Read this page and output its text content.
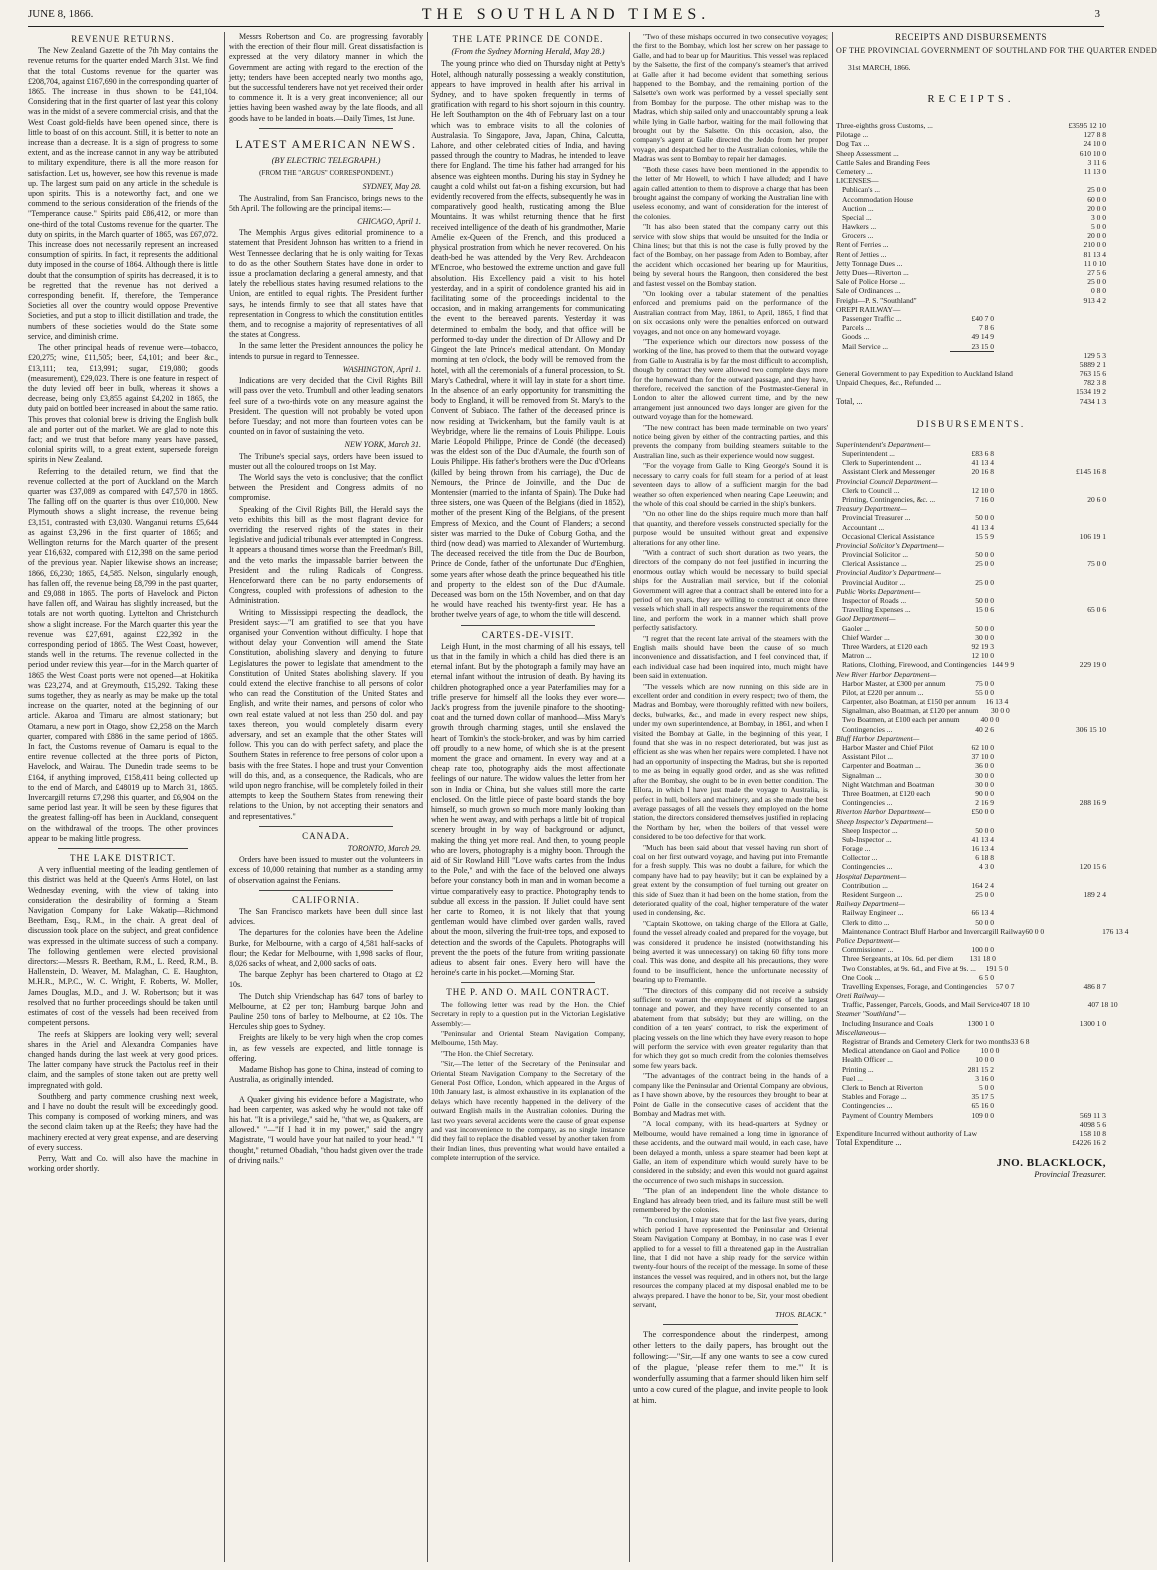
JUNE 8, 1866.	THE SOUTHLAND TIMES.	3
REVENUE RETURNS.

The New Zealand Gazette of the 7th May contains the revenue returns for the quarter ended March 31st. We find that the total Customs revenue for the quarter was £208,704, against £167,690 in the corresponding quarter of 1865. The increase in thus shown to be £41,104. Considering that in the first quarter of last year this colony was in the midst of a severe commercial crisis, and that the West Coast gold-fields have been opened since, there is little to boast of on this account. Still, it is better to note an increase than a decrease. It is a sign of progress to some extent, and as the increase cannot in any way be attributed to military expenditure, there is all the more reason for satisfaction. Let us, however, see how this revenue is made up. The largest sum paid on any article in the schedule is upon spirits. This is a noteworthy fact, and one we commend to the serious consideration of the friends of the "Temperance cause." Spirits paid £86,412, or more than one-third of the total Customs revenue for the quarter. The duty on spirits, in the March quarter of 1865, was £67,072. This increase does not necessarily represent an increased consumption of spirits. In fact, it represents the additional duty imposed in the course of 1864. Although there is little doubt that the consumption of spirits has decreased, it is to be regretted that the revenue has not derived a corresponding benefit. If, therefore, the Temperance Societies all over the country would oppose Preventive Societies, and put a stop to illicit distillation and trade, the numbers of these societies would do the State some service, and diminish crime.

The other principal heads of revenue were—tobacco, £20,275; wine, £11,505; beer, £4,101; and beer &c., £13,111; tea, £13,991; sugar, £19,080; goods (measurement), £29,023. There is one feature in respect of the duty levied off beer in bulk, whereas it shows a decrease, being only £3,855 against £4,202 in 1865, the duty paid on bottled beer increased in about the same ratio. This proves that colonial brew is driving the English bulk ale and porter out of the market. We are glad to note this fact; and we trust that before many years have passed, colonial spirits will, to a great extent, supersede foreign spirits in New Zealand.

Referring to the detailed return, we find that the revenue collected at the port of Auckland on the March quarter was £37,089 as compared with £47,570 in 1865. The falling off on the quarter is thus over £10,000. New Plymouth shows a slight increase, the revenue being £3,151, contrasted with £3,030. Wanganui returns £5,644 as against £3,296 in the first quarter of 1865; and Wellington returns for the March quarter of the present year £16,632, compared with £12,398 on the same period of the previous year. Napier likewise shows an increase; 1866, £6,230; 1865, £4,585. Nelson, singularly enough, has fallen off, the revenue being £8,799 in the past quarter, and £9,088 in 1865. The ports of Havelock and Picton have fallen off, and Wairau has slightly increased, but the totals are not worth quoting. Lyttelton and Christchurch show a slight increase. For the March quarter this year the revenue was £27,691, against £22,392 in the corresponding period of 1865. The West Coast, however, stands well in the returns. The revenue collected in the period under review this year—for in the March quarter of 1865 the West Coast ports were not opened—at Hokitika was £23,274, and at Greymouth, £15,292. Taking these sums together, they as nearly as may be make up the total increase on the quarter, noted at the beginning of our article. Akaroa and Timaru are almost stationary; but Otamaru, a new port in Otago, show £2,258 on the March quarter, compared with £886 in the same period of 1865. In fact, the Customs revenue of Oamaru is equal to the entire revenue collected at the three ports of Picton, Havelock, and Wairau. The Dunedin trade seems to be £164, if anything improved, £158,411 being collected up to the end of March, and £48019 up to March 31, 1865. Invercargill returns £7,298 this quarter, and £6,904 on the same period last year. It will be seen by these figures that the greatest falling-off has been in Auckland, consequent on the withdrawal of the troops. The other provinces appear to be making little progress.

THE LAKE DISTRICT.

A very influential meeting of the leading gentlemen of this district was held at the Queen's Arms Hotel, on last Wednesday evening, with the view of taking into consideration the desirability of forming a Steam Navigation Company for Lake Wakatip—Richmond Beetham, Esq., R.M., in the chair. A great deal of discussion took place on the subject, and great confidence was expressed in the ultimate success of such a company. The following gentlemen were elected provisional directors:—Messrs R. Beetham, R.M., L. Reed, R.M., B. Hallenstein, D. Weaver, M. Malaghan, C. E. Haughton, M.H.R., M.P.C., W. C. Wright, F. Roberts, W. Moller, James Douglas, M.D., and J. W. Robertson; but it was resolved that no further proceedings should be taken until estimates of cost of the vessels had been received from competent persons.

The reefs at Skippers are looking very well; several shares in the Ariel and Alexandra Companies have changed hands during the last week at very good prices. The latter company have struck the Pactolus reef in their claim, and the samples of stone taken out are pretty well impregnated with gold.

Southberg and party commence crushing next week, and I have no doubt the result will be exceedingly good. This company is composed of working miners, and was the second claim taken up at the Reefs; they have had the machinery erected at very great expense, and are deserving of every success.

Perry, Watt and Co. will also have the machine in working order shortly.

Messrs Robertson and Co. are progressing favorably with the erection of their flour mill. Great dissatisfaction is expressed at the very dilatory manner in which the Government are acting with regard to the erection of the jetty; tenders have been accepted nearly two months ago, but the successful tenderers have not yet received their order to commence it. It is a very great inconvenience; all our jetties having been washed away by the late floods, and all goods have to be landed in boats.—Daily Times, 1st June.

LATEST AMERICAN NEWS.
(BY ELECTRIC TELEGRAPH.)
(FROM THE "ARGUS" CORRESPONDENT.)
SYDNEY, May 28.

The Australind, from San Francisco, brings news to the 5th April. The following are the principal items:—

CHICAGO, April 1.

The Memphis Argus gives editorial prominence to a statement that President Johnson has written to a friend in West Tennessee declaring that he is only waiting for Texas to do as the other Southern States have done in order to issue a proclamation declaring a general amnesty, and that lately the rebellious states having resumed relations to the Union, are entitled to equal rights. The President further says, he intends firmly to see that all states have that representation in Congress to which the constitution entitles them, and to recognise a majority of representatives of all the states at Congress.

In the same letter the President announces the policy he intends to pursue in regard to Tennessee.

WASHINGTON, April 1.

Indications are very decided that the Civil Rights Bill will pass over the veto. Trumbull and other leading senators feel sure of a two-thirds vote on any measure against the President. The question will not probably be voted upon before Tuesday; and not more than fourteen votes can be counted on in favor of sustaining the veto.

NEW YORK, March 31.

The Tribune's special says, orders have been issued to muster out all the coloured troops on 1st May.

The World says the veto is conclusive; that the conflict between the President and Congress admits of no compromise.

Speaking of the Civil Rights Bill, the Herald says the veto exhibits this bill as the most flagrant device for overriding the reserved rights of the states in their legislative and judicial tribunals ever attempted in Congress. It appears a thousand times worse than the Freedman's Bill, and the veto marks the impassable barrier between the President and the ruling Radicals of Congress. Henceforward there can be no party endorsements of Congress, coupled with professions of adhesion to the Administration.

Writing to Mississippi respecting the deadlock, the President says:—"I am gratified to see that you have organised your Convention without difficulty. I hope that without delay your Convention will amend the State Constitution, abolishing slavery and denying to future Legislatures the power to legislate that amendment to the Constitution of United States abolishing slavery. If you could extend the elective franchise to all persons of color who can read the Constitution of the United States and English, and write their names, and persons of color who own real estate valued at not less than 250 dol. and pay taxes thereon, you would completely disarm every adversary, and set an example that the other States will follow. This you can do with perfect safety, and place the Southern States in reference to free persons of color upon a basis with the free States. I hope and trust your Convention will do this, and, as a consequence, the Radicals, who are wild upon negro franchise, will be completely foiled in their attempts to keep the Southern States from renewing their relations to the Union, by not accepting their senators and and representatives."

CANADA.
TORONTO, March 29.

Orders have been issued to muster out the volunteers in excess of 10,000 retaining that number as a standing army of observation against the Fenians.

CALIFORNIA.

The San Francisco markets have been dull since last advices.

The departures for the colonies have been the Adeline Burke, for Melbourne, with a cargo of 4,581 half-sacks of flour; the Kedar for Melbourne, with 1,998 sacks of flour, 8,026 sacks of wheat, and 2,000 sacks of oats.

The barque Zephyr has been chartered to Otago at £2 10s.

The Dutch ship Vriendschap has 647 tons of barley to Melbourne, at £2 per ton; Hamburg barque John and Pauline 250 tons of barley to Melbourne, at £2 10s. The Hercules ship goes to Sydney.

Freights are likely to be very high when the crop comes in, as few vessels are expected, and little tonnage is offering.

Madame Bishop has gone to China, instead of coming to Australia, as originally intended.

A Quaker giving his evidence before a Magistrate, who had been carpenter, was asked why he would not take off his hat. "It is a privilege," said he, "that we, as Quakers, are allowed." "—"If I had it in my power," said the angry Magistrate, "I would have your hat nailed to your head." "I thought," returned Obadiah, "thou hadst given over the trade of driving nails."

THE LATE PRINCE DE CONDE.
(From the Sydney Morning Herald, May 28.)

The young prince who died on Thursday night at Petty's Hotel, although naturally possessing a weakly constitution, appears to have improved in health after his arrival in Sydney, and to have spoken frequently in terms of gratification with regard to his short sojourn in this country. He left Southampton on the 4th of February last on a tour which was to embrace visits to all the colonies of Australasia. To Singapore, Java, Japan, China, Calcutta, Lahore, and other celebrated cities of India, and having passed through the country to Madras, he intended to leave there for England. The time his father had arranged for his absence was eighteen months. During his stay in Sydney he caught a cold whilst out fat-on a fishing excursion, but had evidently recovered from the effects, subsequently he was in comparatively good health, rusticating among the Blue Mountains. It was whilst returning thence that he first received intelligence of the death of his grandmother, Marie Amélie ex-Queen of the French, and this produced a physical prostration from which he never recovered. On his death-bed he was attended by the Very Rev. Archdeacon M'Encroe, who bestowed the extreme unction and gave full absolution. His Excellency paid a visit to his hotel yesterday, and in a spirit of condolence granted his aid in facilitating some of the proceedings incidental to the occasion, and in making arrangements for communicating the event to the bereaved parents. Yesterday it was determined to embalm the body, and that office will be performed to-day under the direction of Dr Allowy and Dr Gingeot the late Prince's medical attendant. On Monday morning at ten o'clock, the body will be removed from the hotel, with all the ceremonials of a funeral procession, to St. Mary's Cathedral, where it will lay in state for a short time. In the absence of an early opportunity for transmitting the body to England, it will be removed from St. Mary's to the Convent of Subiaco. The father of the deceased prince is now residing at Twickenham, but the family vault is at Weybridge, where lie the remains of Louis Philippe. Louis Marie Léopold Philippe, Prince de Condé (the deceased) was the eldest son of the Duc d'Aumale, the fourth son of Louis Philippe. His father's brothers were the Duc d'Orleans (killed by being thrown from his carriage), the Duc de Nemours, the Prince de Joinville, and the Duc de Montensier (married to the infanta of Spain). The Duke had three sisters, one was Queen of the Belgians (died in 1852), mother of the present King of the Belgians, of the present Empress of Mexico, and the Count of Flanders; a second sister was married to the Duke of Coburg Gotha, and the third (now dead) was married to Alexander of Wurtemburg. The deceased received the title from the Duc de Bourbon, Prince de Conde, father of the unfortunate Duc d'Enghien, some years after whose death the prince bequeathed his title and property to the eldest son of the Duc d'Aumale. Deceased was born on the 15th November, and on that day he would have reached his twenty-first year. He has a brother twelve years of age, to whom the title will descend.

CARTES-DE-VISIT.

Leigh Hunt, in the most charming of all his essays, tell us that in the family in which a child has died there is an eternal infant. But by the photograph a family may have an eternal infant without the intrusion of death. By having its children photographed once a year Paterfamilies may for a trifle preserve for himself all the looks they ever wore—Jack's progress from the juvenile pinafore to the shooting-coat and the turned down collar of manhood—Miss Mary's growth through charming stages, until she enslaved the heart of Tomkin's the stock-broker, and was by him carried off proudly to a new home, of which she is at the present moment the grace and ornament. In every way and at a cheap rate too, photography aids the most affectionate feelings of our nature. The widow values the letter from her son in India or China, but she values still more the carte enclosed. On the little piece of paste board stands the boy himself, so much grown so much more manly looking than when he went away, and with perhaps a little bit of tropical scenery brought in by way of background or adjunct, making the thing yet more real. And then, to young people who are lovers, photography is a mighty boon. Through the aid of Sir Rowland Hill "Love wafts cartes from the Indus to the Pole," and with the face of the beloved one always before your constancy both in man and in woman become a virtue comparatively easy to practice. Photography tends to subdue all excess in the passion. If Juliet could have sent her carte to Romeo, it is not likely that that young gentleman would have climbed over garden walls, raved about the moon, silvering the fruit-tree tops, and exposed to detection and the swords of the Capulets. Photographs will prevent the the poets of the future from writing passionate adieus to absent fair ones. Every hero will have the heroine's carte in his pocket.—Morning Star.

THE P. AND O. MAIL CONTRACT.

The following letter was read by the Hon. the Chief Secretary in reply to a question put in the Victorian Legislative Assembly:—

"Peninsular and Oriental Steam Navigation Company, Melbourne, 15th May.

"The Hon. the Chief Secretary.

"Sir,—The letter of the Secretary of the Peninsular and Oriental Steam Navigation Company to the Secretary of the General Post Office, London, which appeared in the Argus of 10th January last, is almost exhaustive in its explanation of the delays which have recently happened in the delivery of the outward English mails in the Australian colonies. During the last two years several accidents were the cause of great expense and vast inconvenience to the company, as no single instance did they fail to replace the disabled vessel by another taken from their Indian lines, thus preventing what would have entailed a complete interruption of the service.

"Two of these mishaps occurred in two consecutive voyages; the first to the Bombay, which lost her screw on her passage to Galle, and had to bear up for Mauritius. This vessel was replaced by the Salsette, the first of the company's steamer's that arrived at Galle after it had become evident that something serious happened to the Bombay, and the remaining portion of the Salsette's own work was performed by a vessel specially sent from Bombay for the purpose. The other mishap was to the Madras, which ship sailed only and unaccountably sprung a leak while lying in Galle harbor, waiting for the mail following that brought out by the Salsette. On this occasion, also, the company's agent at Galle directed the Jeddo from her proper voyage, and despatched her to the Australian colonies, while the Madras was sent to Bombay to repair her damages.

"Both these cases have been mentioned in the appendix to the letter of Mr Howell, to which I have alluded; and I have again called attention to them to disprove a charge that has been brought against the company of working the Australian line with useless economy, and want of consideration for the interest of the colonies.

"It has also been stated that the company carry out this service with slow ships that would be unsuited for the India or China lines; but that this is not the case is fully proved by the fact of the Bombay, on her passage from Aden to Bombay, after the accident which occasioned her bearing up for Mauritius, being by several hours the Rangoon, then considered the best and fastest vessel on the Bombay station.

"On looking over a tabular statement of the penalties enforced and premiums paid on the performance of the Australian contract from May, 1861, to April, 1865, I find that on six occasions only were the penalties enforced on outward voyages, and not once on any homeward voyage.

"The experience which our directors now possess of the working of the line, has proved to them that the outward voyage from Galle to Australia is by far the most difficult to accomplish, though by contract they were allowed two complete days more for the homeward than for the outward passage, and they have, therefore, received the sanction of the Postmaster-General in London to alter the allowed current time, and by the new arrangement just announced two days longer are given for the outward voyage than for the homeward.

"The new contract has been made terminable on two years' notice being given by either of the contracting parties, and this prevents the company from building steamers suitable to the Australian line, such as their experience would now suggest.

"For the voyage from Galle to King George's Sound it is necessary to carry coals for full steam for a period of at least seventeen days to allow of a sufficient margin for the bad weather so often experienced when nearing Cape Leeuwin; and the whole of this coal should be carried in the ship's bunkers.

"On no other line do the ships require much more than half that quantity, and therefore vessels constructed specially for the purpose would be unsuited without great and expensive alterations for any other line.

"With a contract of such short duration as two years, the directors of the company do not feel justified in incurring the enormous outlay which would be necessary to build special ships for the Australian mail service, but if the colonial Government will agree that a contract shall be entered into for a period of ten years, they are willing to construct at once three vessels which shall in all respects answer the requirements of the line, and perform the work in a manner which shall prove perfectly satisfactory.

"I regret that the recent late arrival of the steamers with the English mails should have been the cause of so much inconvenience and dissatisfaction, and I feel convinced that, if each individual case had been inquired into, much might have been said in extenuation.

"The vessels which are now running on this side are in excellent order and condition in every respect; two of them, the Madras and Bombay, were thoroughly refitted with new boilers, decks, bulwarks, &c., and made in every respect new ships, under my own superintendence, at Bombay, in 1861, and when I visited the Bombay at Galle, in the beginning of this year, I found that she was in no respect deteriorated, but was just as efficient as she was when her repairs were completed. I have not had an opportunity of inspecting the Madras, but she is reported to me as being in equally good order, and as she was refitted after the Bombay, she ought to be in even better condition. The Ellora, in which I have just made the voyage to Australia, is perfect in hull, boilers and machinery, and as she made the best average passages of all the vessels they employed on the home station, the directors considered themselves justified in replacing the Northam by her, when the boilers of that vessel were considered to be too defective for that work.

"Much has been said about that vessel having run short of coal on her first outward voyage, and having put into Fremantle for a fresh supply. This was no doubt a failure, for which the company have had to pay heavily; but it can be explained by a great extent by the consumption of fuel turning out greater on this side of Suez than it had been on the home station, from the deteriorated quality of the coal, higher temperature of the water used in condensing, &c.

"Captain Skottowe, on taking charge of the Ellora at Galle, found the vessel already coaled and prepared for the voyage, but was considered it prudence he insisted (notwithstanding his being averted it was unnecessary) on taking 60 fifty tons more coal. This was done, and despite all his precautions, they were found to be insufficient, hence the unfortunate necessity of bearing up to Fremantle.

"The directors of this company did not receive a subsidy sufficient to warrant the employment of ships of the largest tonnage and power, and they have recently consented to an abatement from that subsidy; but they are willing, on the condition of a ten years' contract, to risk the experiment of placing vessels on the line which they have every reason to hope will perform the service with even greater regularity than that for which they got so much credit from the colonies themselves some few years back.

"The advantages of the contract being in the hands of a company like the Peninsular and Oriental Company are obvious, as I have shown above, by the resources they brought to bear at Point de Galle in the consecutive cases of accident that the Bombay and Madras met with.

"A local company, with its head-quarters at Sydney or Melbourne, would have remained a long time in ignorance of these accidents, and the outward mail would, in each case, have been delayed a month, unless a spare steamer had been kept at Galle, an item of expenditure which would surely have to be considered in the subsidy; and even this would not guard against the occurrence of two such mishaps in succession.

"The plan of an independent line the whole distance to England has already been tried, and its failure must still be well remembered by the colonies.

"In conclusion, I may state that for the last five years, during which period I have represented the Peninsular and Oriental Steam Navigation Company at Bombay, in no case was I ever applied to for a vessel to fill a threatened gap in the Australian line, that I did not have a ship ready for the service within twenty-four hours of the receipt of the message. In some of these instances the vessel was required, and in others not, but the large resources the company placed at my disposal enabled me to be always prepared. I have the honor to be, Sir, your most obedient servant,

THOS. BLACK."

The correspondence about the rinderpest, among other letters to the daily papers, has brought out the following:—"Sir,—If any one wants to see a cow cured of the plague, 'please refer them to me.'" It is wonderfully assuming that a farmer should liken him self unto a cow cured of the plague, and invite people to look at him.

RECEIPTS AND DISBURSEMENTS
OF THE PROVINCIAL GOVERNMENT OF SOUTHLAND FOR THE QUARTER ENDED
31st MARCH, 1866.
RECEIPTS.
Three-eighths gross Customs, ...	£3595 12 10
Pilotage ...	127 8 8
Dog Tax ...	24 10 0
Sheep Assessment ...	610 10 0
Cattle Sales and Branding Fees	3 11 6
Cemetery ...	11 13 0
LICENSES—
Publican's ...	25 0 0
Accommodation House	60 0 0
Auction ...	20 0 0
Special ...	3 0 0
Hawkers ...	5 0 0
Grocers ...	20 0 0
Rent of Ferries ...	210 0 0
Rent of Jetties ...	81 13 4
Jetty Tonnage Dues ...	11 0 10
Jetty Dues—Riverton ...	27 5 6
Sale of Police Horse ...	25 0 0
Sale of Ordinances ...	0 8 0
Freight—P. S. "Southland"	913 4 2
OREPI RAILWAY—
Passenger Traffic ...	£40 7 0
Parcels ...	7 8 6
Goods ...	49 14 9
Mail Service ...	23 15 0
129 5 3
5889 2 1
General Government to pay Expedition to Auckland Island	763 15 6
Unpaid Cheques, &c., Refunded ...	782 3 8
1534 19 2
Total, ...	7434 1 3
DISBURSEMENTS.
Superintendent's Department—
Superintendent ...	£83 6 8
Clerk to Superintendent ...	41 13 4
Assistant Clerk and Messenger	20 16 8	£145 16 8
Provincial Council Department—
Clerk to Council ...	12 10 0
Printing, Contingencies, &c. ...	7 16 0	20 6 0
Treasury Department—
Provincial Treasurer ...	50 0 0
Accountant ...	41 13 4
Occasional Clerical Assistance	15 5 9	106 19 1
Provincial Solicitor's Department—
Provincial Solicitor ...	50 0 0
Clerical Assistance ...	25 0 0	75 0 0
Provincial Auditor's Department—
Provincial Auditor ...	25 0 0
Public Works Department—
Inspector of Roads ...	50 0 0
Travelling Expenses ...	15 0 6	65 0 6
Gaol Department—
Gaoler ...	50 0 0
Chief Warder ...	30 0 0
Three Warders, at £120 each	92 19 3
Matron ...	12 10 0
Rations, Clothing, Firewood, and Contingencies 144 9 9	229 19 0
New River Harbor Department—
Harbor Master, at £300 per annum	75 0 0
Pilot, at £220 per annum ...	55 0 0
Carpenter, also Boatman, at £150 per annum	16 13 4
Signalman, also Boatman, at £120 per annum	30 0 0
Two Boatmen, at £100 each per annum	40 0 0
Contingencies ...	40 2 6	306 15 10
Bluff Harbor Department—
Harbor Master and Chief Pilot	62 10 0
Assistant Pilot ...	37 10 0
Carpenter and Boatman ...	36 0 0
Signalman ...	30 0 0
Night Watchman and Boatman	30 0 0
Three Boatmen, at £120 each	90 0 0
Contingencies ...	2 16 9	288 16 9
Riverton Harbor Department—	£50 0 0
Sheep Inspector's Department—
Sheep Inspector ...	50 0 0
Sub-Inspector ...	41 13 4
Forage ...	16 13 4
Collector ...	6 18 8
Contingencies ...	4 3 0	120 15 6
Hospital Department—
Contribution ...	164 2 4
Resident Surgeon ...	25 0 0	189 2 4
Railway Department—
Railway Engineer ...	66 13 4
Clerk to ditto ...	50 0 0
Maintenance Contract Bluff Harbor and Invercargill Railway 60 0 0	176 13 4
Police Department—
Commissioner ...	100 0 0
Three Sergeants, at 10s. 6d. per diem	131 18 0
Two Constables, at 9s. 6d., and Five at 9s. ...	191 5 0
One Cook ...	6 5 0
Travelling Expenses, Forage, and Contingencies	57 0 7	486 8 7
Oreti Railway—
Traffic, Passenger, Parcels, Goods, and Mail Service 407 18 10	407 18 10
Steamer "Southland"—
Including Insurance and Coals	1300 1 0	1300 1 0
Miscellaneous—
Registrar of Brands and Cemetery Clerk for two months 33 6 8
Medical attendance on Gaol and Police	10 0 0
Health Officer ...	10 0 0
Printing ...	281 15 2
Fuel ...	3 16 0
Clerk to Bench at Riverton	5 0 0
Stables and Forage ...	35 17 5
Contingencies ...	65 16 0
Payment of Country Members	109 0 0	569 11 3
4098 5 6
Expenditure Incurred without authority of Law	158 10 8
Total Expenditure ...	£4226 16 2
JNO. BLACKLOCK,
Provincial Treasurer.
